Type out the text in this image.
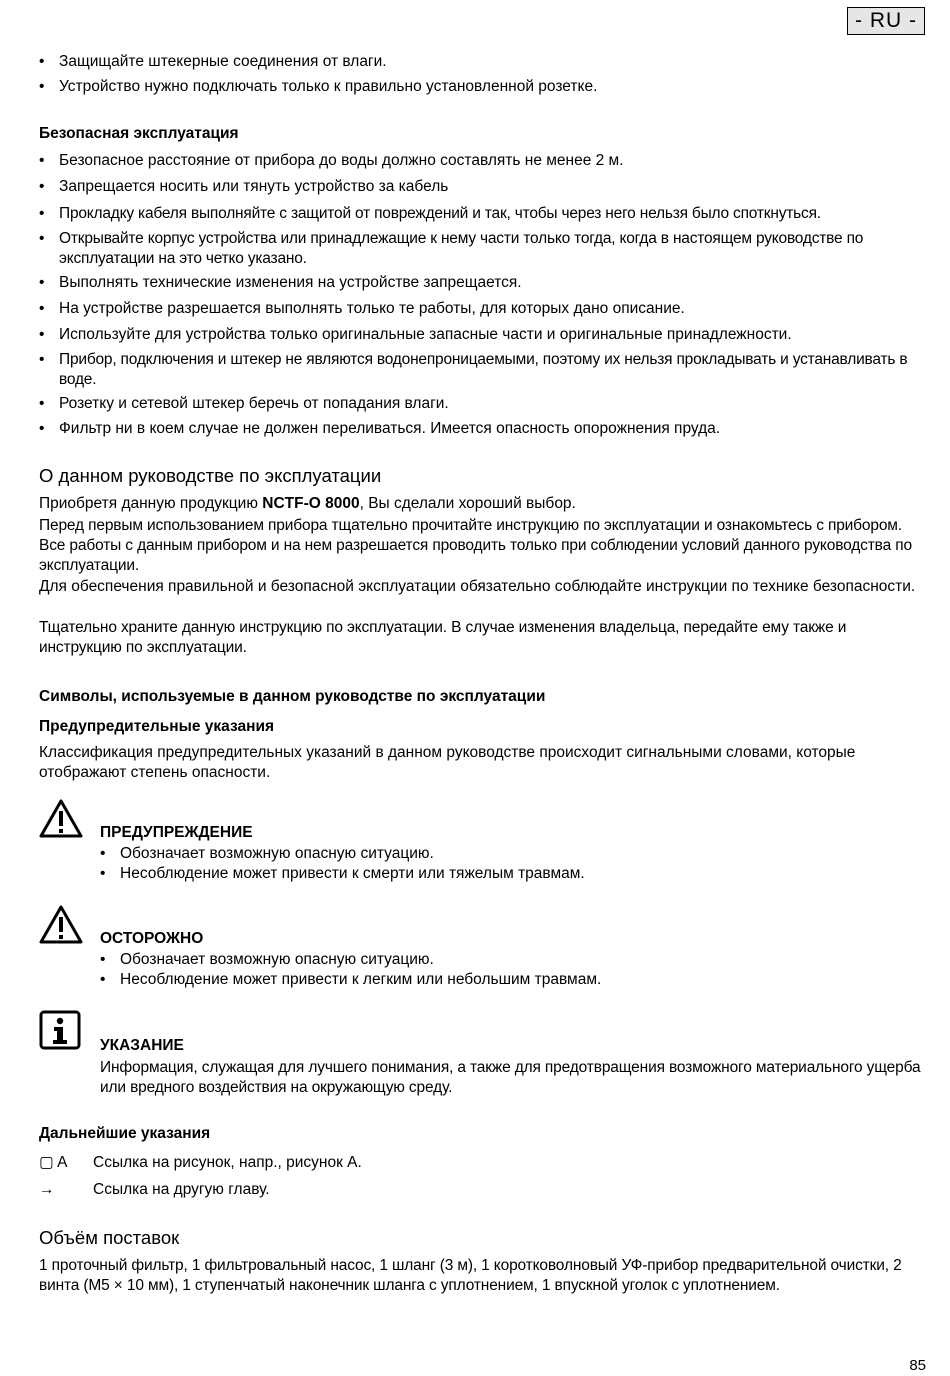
- RU -
• Защищайте штекерные соединения от влаги.
• Устройство нужно подключать только к правильно установленной розетке.
Безопасная эксплуатация
• Безопасное расстояние от прибора до воды должно составлять не менее 2 м.
• Запрещается носить или тянуть устройство за кабель
• Прокладку кабеля выполняйте с защитой от повреждений и так, чтобы через него нельзя было споткнуться.
• Открывайте корпус устройства или принадлежащие к нему части только тогда, когда в настоящем руководстве по эксплуатации на это четко указано.
• Выполнять технические изменения на устройстве запрещается.
• На устройстве разрешается выполнять только те работы, для которых дано описание.
• Используйте для устройства только оригинальные запасные части и оригинальные принадлежности.
• Прибор, подключения и штекер не являются водонепроницаемыми, поэтому их нельзя прокладывать и устанавливать в воде.
• Розетку и сетевой штекер беречь от попадания влаги.
• Фильтр ни в коем случае не должен переливаться. Имеется опасность опорожнения пруда.
О данном руководстве по эксплуатации
Приобретя данную продукцию NCTF-O 8000, Вы сделали хороший выбор.
Перед первым использованием прибора тщательно прочитайте инструкцию по эксплуатации и ознакомьтесь с прибором. Все работы с данным прибором и на нем разрешается проводить только при соблюдении условий данного руководства по эксплуатации.
Для обеспечения правильной и безопасной эксплуатации обязательно соблюдайте инструкции по технике безопасности.
Тщательно храните данную инструкцию по эксплуатации. В случае изменения владельца, передайте ему также и инструкцию по эксплуатации.
Символы, используемые в данном руководстве по эксплуатации
Предупредительные указания
Классификация предупредительных указаний в данном руководстве происходит сигнальными словами, которые отображают степень опасности.
ПРЕДУПРЕЖДЕНИЕ
• Обозначает возможную опасную ситуацию.
• Несоблюдение может привести к смерти или тяжелым травмам.
ОСТОРОЖНО
• Обозначает возможную опасную ситуацию.
• Несоблюдение может привести к легким или небольшим травмам.
УКАЗАНИЕ
Информация, служащая для лучшего понимания, а также для предотвращения возможного материального ущерба или вредного воздействия на окружающую среду.
Дальнейшие указания
▢ A Ссылка на рисунок, напр., рисунок A.
→ Ссылка на другую главу.
Объём поставок
1 проточный фильтр, 1 фильтровальный насос, 1 шланг (3 м), 1 коротковолновый УФ-прибор предварительной очистки, 2 винта (M5 × 10 мм), 1 ступенчатый наконечник шланга с уплотнением, 1 впускной уголок с уплотнением.
85
